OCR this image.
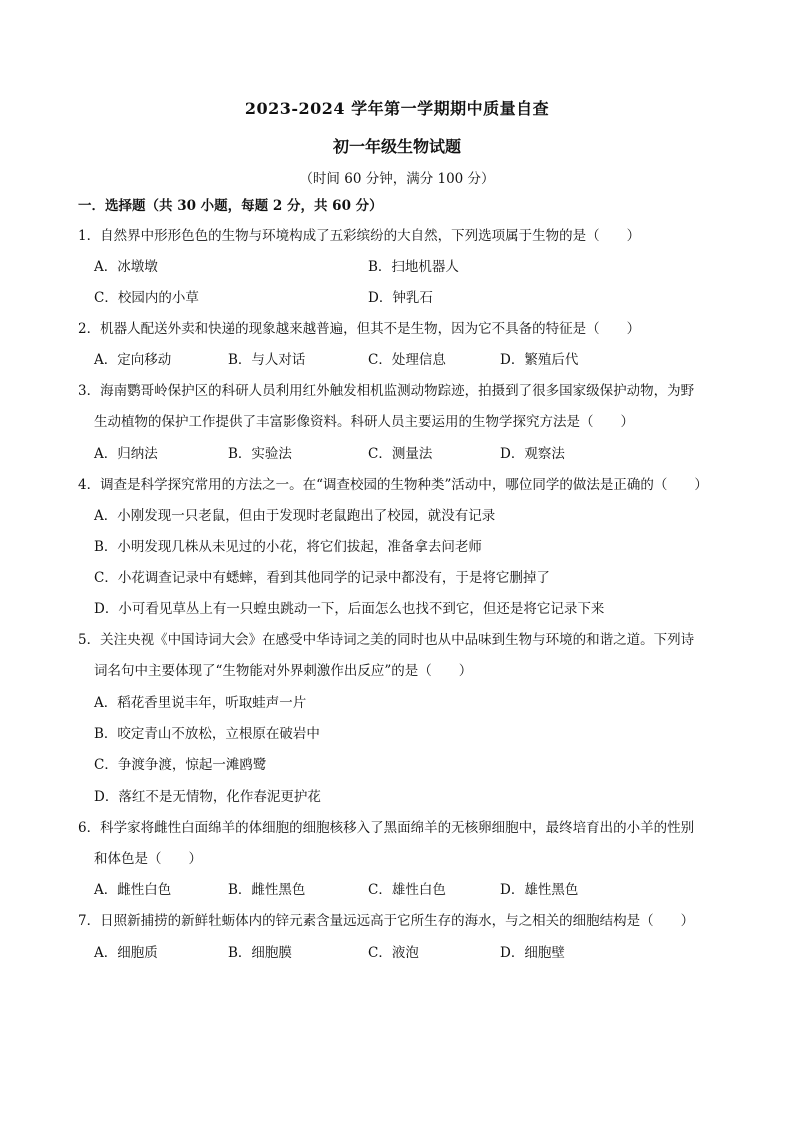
2023-2024 学年第一学期期中质量自查
初一年级生物试题
（时间 60 分钟，满分 100 分）
一．选择题（共 30 小题，每题 2 分，共 60 分）
1．自然界中形形色色的生物与环境构成了五彩缤纷的大自然，下列选项属于生物的是（　　）
A．冰墩墩	B．扫地机器人
C．校园内的小草	D．钟乳石
2．机器人配送外卖和快递的现象越来越普遍，但其不是生物，因为它不具备的特征是（　　）
A．定向移动	B．与人对话	C．处理信息	D．繁殖后代
3．海南鹦哥岭保护区的科研人员利用红外触发相机监测动物踪迹，拍摄到了很多国家级保护动物，为野
生动植物的保护工作提供了丰富影像资料。科研人员主要运用的生物学探究方法是（　　）
A．归纳法	B．实验法	C．测量法	D．观察法
4．调查是科学探究常用的方法之一。在“调查校园的生物种类”活动中，哪位同学的做法是正确的（　　）
A．小刚发现一只老鼠，但由于发现时老鼠跑出了校园，就没有记录
B．小明发现几株从未见过的小花，将它们拔起，准备拿去问老师
C．小花调查记录中有蟋蟀，看到其他同学的记录中都没有，于是将它删掉了
D．小可看见草丛上有一只蝗虫跳动一下，后面怎么也找不到它，但还是将它记录下来
5．关注央视《中国诗词大会》在感受中华诗词之美的同时也从中品味到生物与环境的和谐之道。下列诗
词名句中主要体现了“生物能对外界刺激作出反应”的是（　　）
A．稻花香里说丰年，听取蛙声一片
B．咬定青山不放松，立根原在破岩中
C．争渡争渡，惊起一滩鸥鹭
D．落红不是无情物，化作春泥更护花
6．科学家将雌性白面绵羊的体细胞的细胞核移入了黑面绵羊的无核卵细胞中，最终培育出的小羊的性别
和体色是（　　）
A．雌性白色	B．雌性黑色	C．雄性白色	D．雄性黑色
7．日照新捕捞的新鲜牡蛎体内的锌元素含量远远高于它所生存的海水，与之相关的细胞结构是（　　）
A．细胞质	B．细胞膜	C．液泡	D．细胞壁
